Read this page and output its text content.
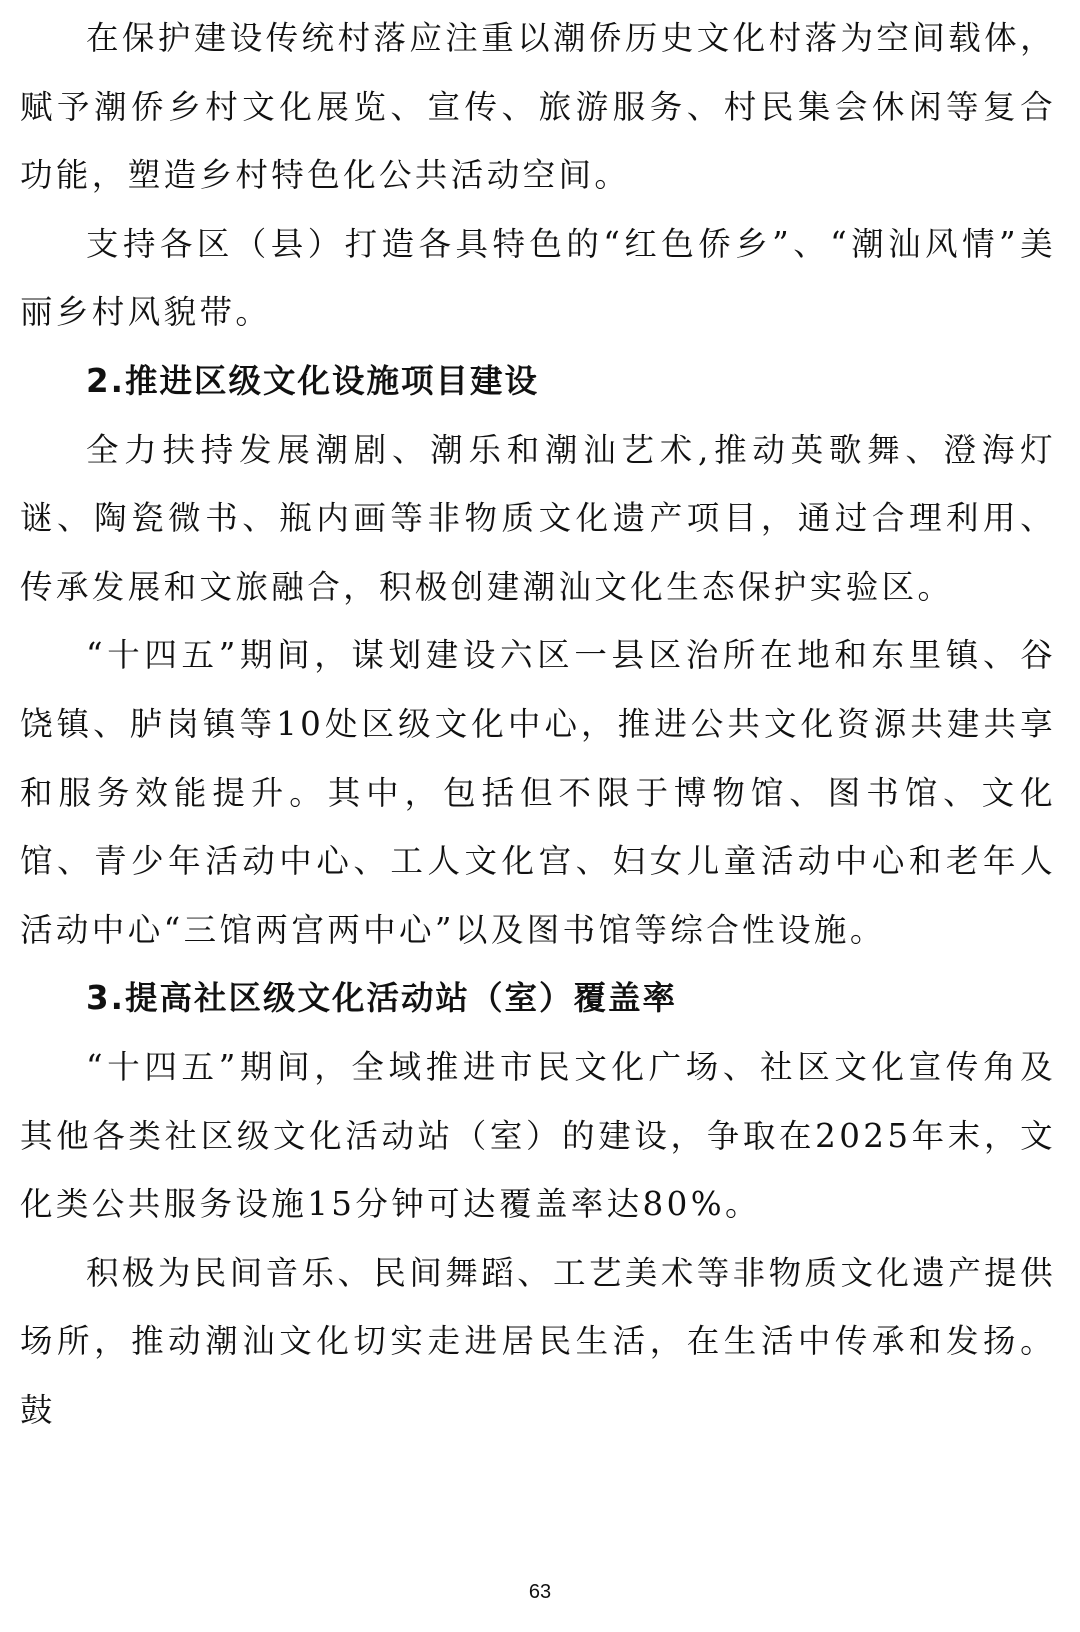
在保护建设传统村落应注重以潮侨历史文化村落为空间载体，赋予潮侨乡村文化展览、宣传、旅游服务、村民集会休闲等复合功能，塑造乡村特色化公共活动空间。

支持各区（县）打造各具特色的“红色侨乡”、“潮汕风情”美丽乡村风貌带。

2.推进区级文化设施项目建设

全力扶持发展潮剧、潮乐和潮汕艺术,推动英歌舞、澄海灯谜、陶瓷微书、瓶内画等非物质文化遗产项目，通过合理利用、传承发展和文旅融合，积极创建潮汕文化生态保护实验区。

“十四五”期间，谋划建设六区一县区治所在地和东里镇、谷饶镇、胪岗镇等10处区级文化中心，推进公共文化资源共建共享和服务效能提升。其中，包括但不限于博物馆、图书馆、文化馆、青少年活动中心、工人文化宫、妇女儿童活动中心和老年人活动中心“三馆两宫两中心”以及图书馆等综合性设施。

3.提高社区级文化活动站（室）覆盖率

“十四五”期间，全域推进市民文化广场、社区文化宣传角及其他各类社区级文化活动站（室）的建设，争取在2025年末，文化类公共服务设施15分钟可达覆盖率达80%。

积极为民间音乐、民间舞蹈、工艺美术等非物质文化遗产提供场所，推动潮汕文化切实走进居民生活，在生活中传承和发扬。鼓

63
